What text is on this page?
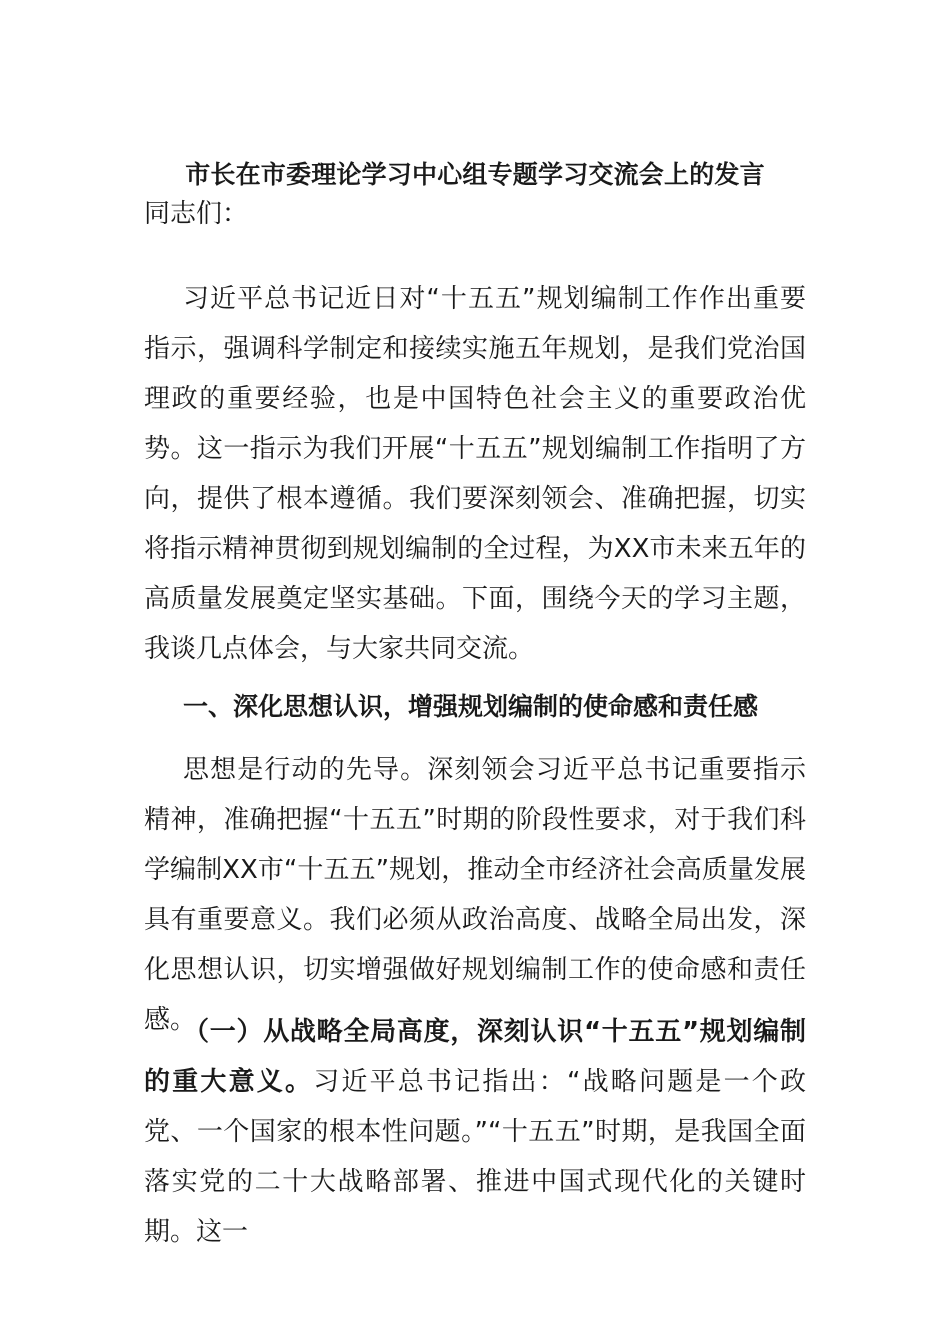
市长在市委理论学习中心组专题学习交流会上的发言
同志们：

习近平总书记近日对“十五五”规划编制工作作出重要指示，强调科学制定和接续实施五年规划，是我们党治国理政的重要经验，也是中国特色社会主义的重要政治优势。这一指示为我们开展“十五五”规划编制工作指明了方向，提供了根本遵循。我们要深刻领会、准确把握，切实将指示精神贯彻到规划编制的全过程，为XX市未来五年的高质量发展奠定坚实基础。下面，围绕今天的学习主题，我谈几点体会，与大家共同交流。

一、深化思想认识，增强规划编制的使命感和责任感

思想是行动的先导。深刻领会习近平总书记重要指示精神，准确把握“十五五”时期的阶段性要求，对于我们科学编制XX市“十五五”规划，推动全市经济社会高质量发展具有重要意义。我们必须从政治高度、战略全局出发，深化思想认识，切实增强做好规划编制工作的使命感和责任感。

（一）从战略全局高度，深刻认识“十五五”规划编制的重大意义。习近平总书记指出：“战略问题是一个政党、一个国家的根本性问题。”“十五五”时期，是我国全面落实党的二十大战略部署、推进中国式现代化的关键时期。这一
